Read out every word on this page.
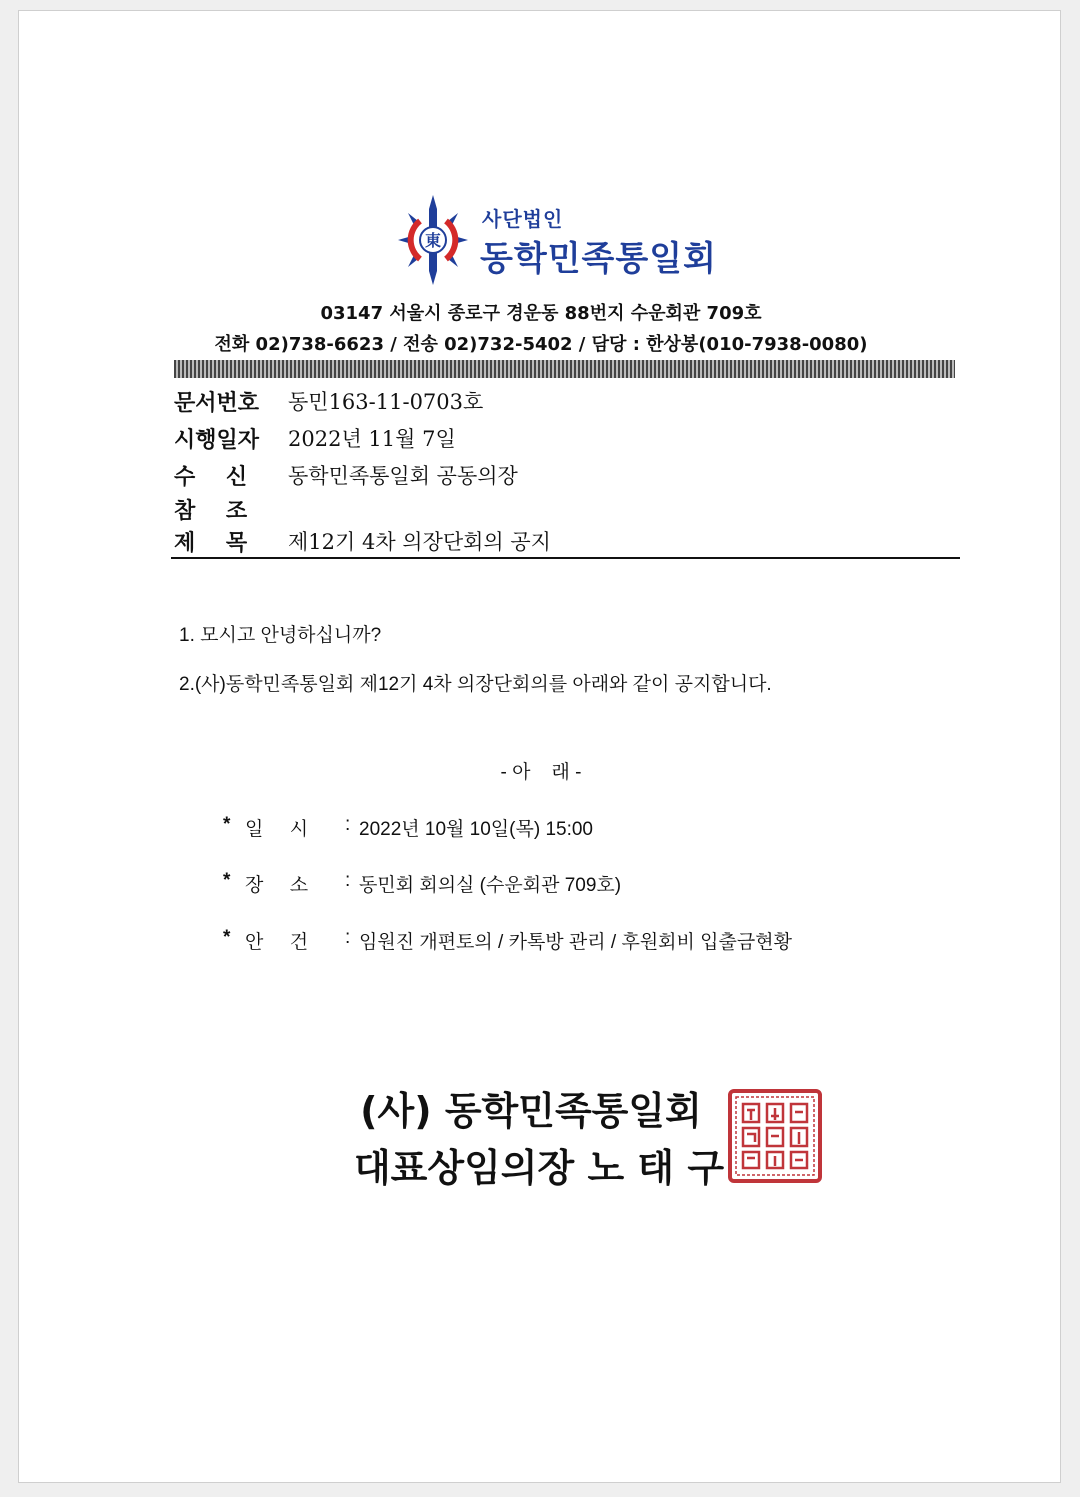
東
사단법인
동학민족통일회
03147 서울시 종로구 경운동 88번지 수운회관 709호
전화 02)738-6623 / 전송 02)732-5402 / 담당 : 한상봉(010-7938-0080)
문서번호 동민163-11-0703호
시행일자 2022년 11월 7일
수    신	동학민족통일회 공동의장
참    조
제    목	제12기 4차 의장단회의 공지
1. 모시고 안녕하십니까?
2.(사)동학민족통일회 제12기 4차 의장단회의를 아래와 같이 공지합니다.
- 아    래 -
* 일     시	: 2022년 10월 10일(목) 15:00
* 장     소	: 동민회 회의실 (수운회관 709호)
* 안     건	: 임원진 개편토의 / 카톡방 관리 / 후원회비 입출금현황
(사) 동학민족통일회
대표상임의장 노 태 구
